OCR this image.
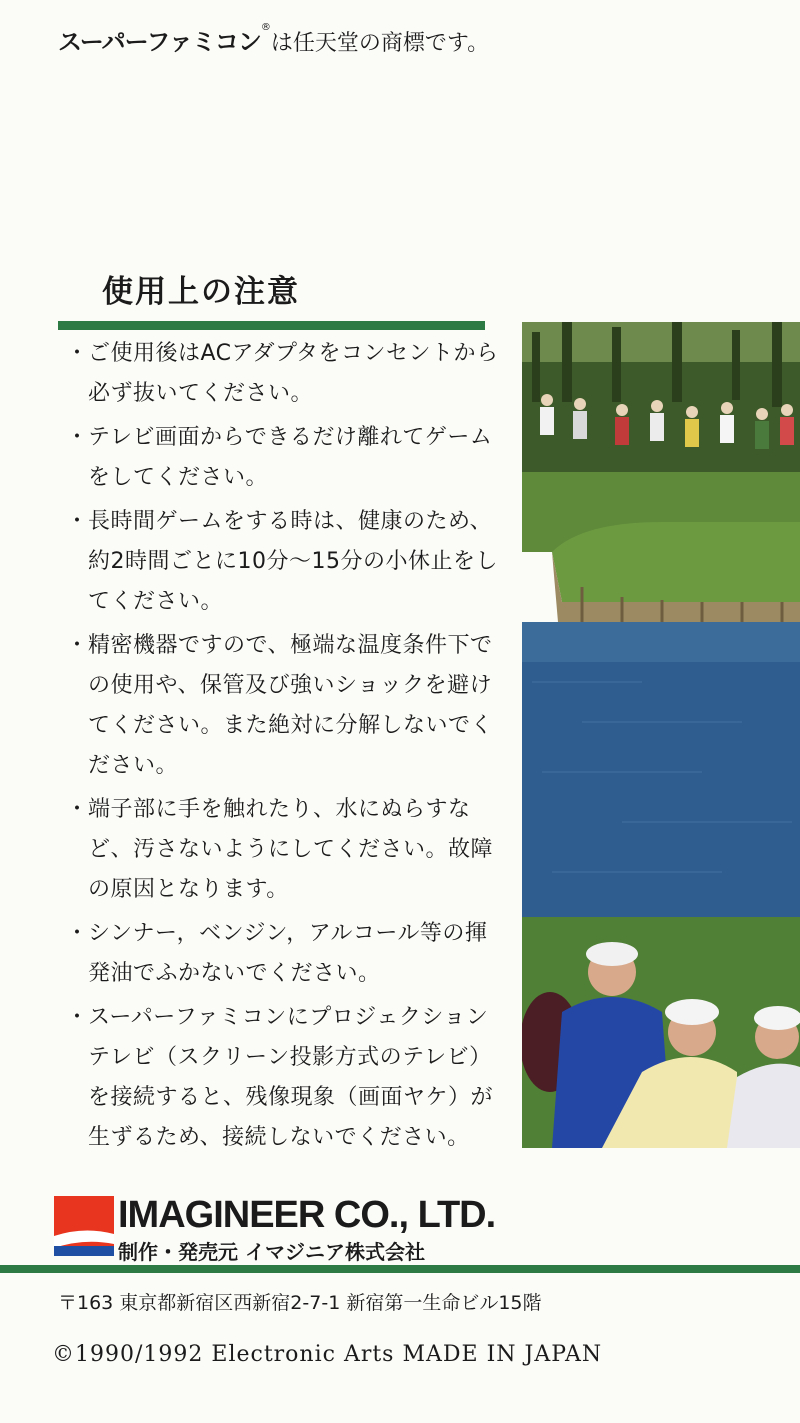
スーパーファミコン®は任天堂の商標です。
使用上の注意
・ ご使用後はACアダプタをコンセントから必ず抜いてください。
・ テレビ画面からできるだけ離れてゲームをしてください。
・ 長時間ゲームをする時は、健康のため、約2時間ごとに10分〜15分の小休止をしてください。
・ 精密機器ですので、極端な温度条件下での使用や、保管及び強いショックを避けてください。また絶対に分解しないでください。
・ 端子部に手を触れたり、水にぬらすなど、汚さないようにしてください。故障の原因となります。
・ シンナー，ベンジン，アルコール等の揮発油でふかないでください。
・ スーパーファミコンにプロジェクションテレビ（スクリーン投影方式のテレビ）を接続すると、残像現象（画面ヤケ）が生ずるため、接続しないでください。
IMAGINEER CO., LTD.
制作・発売元 イマジニア株式会社
〒163 東京都新宿区西新宿2-7-1 新宿第一生命ビル15階
©1990/1992 Electronic Arts MADE IN JAPAN
